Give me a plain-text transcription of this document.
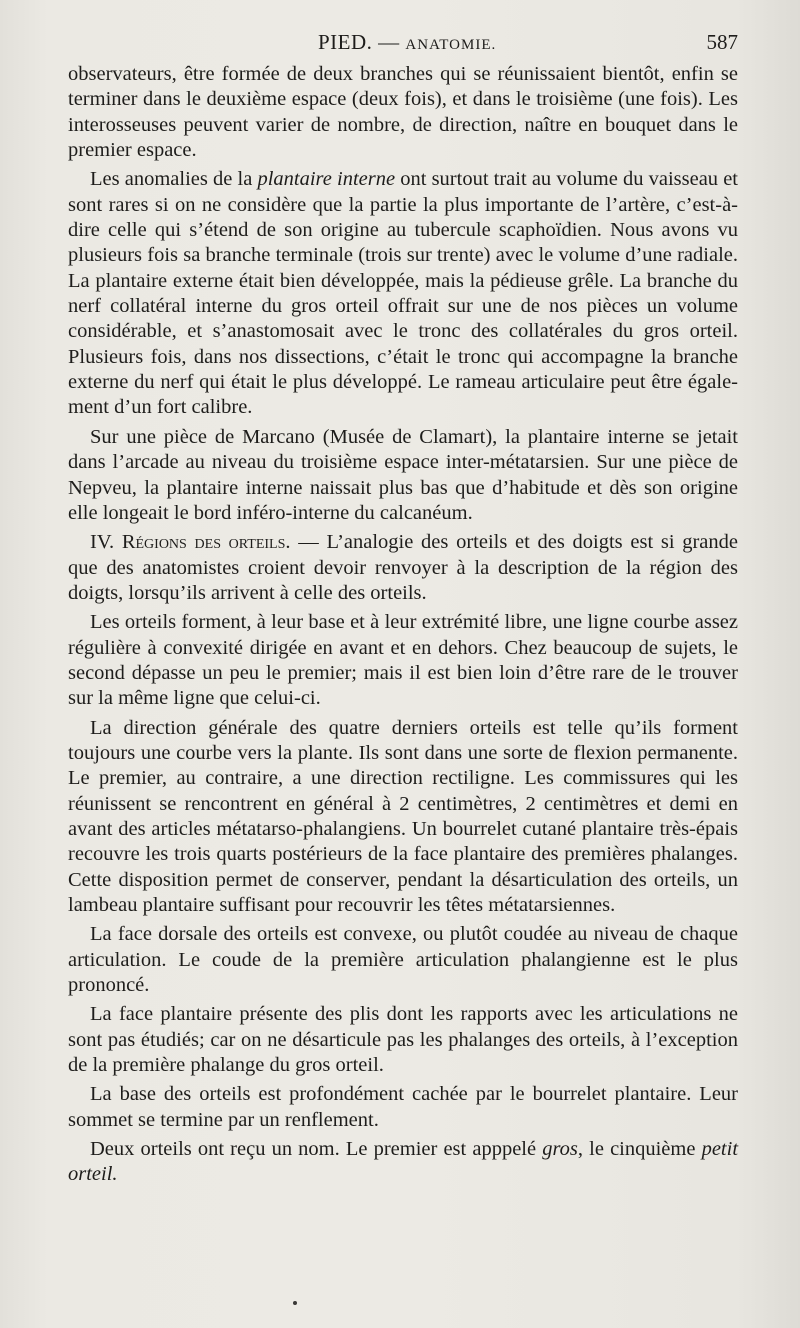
PIED. — ANATOMIE.	587

observateurs, être formée de deux branches qui se réunissaient bientôt, enfin se terminer dans le deuxième espace (deux fois), et dans le troisième (une fois). Les interosseuses peuvent varier de nombre, de direction, naître en bouquet dans le premier espace.

Les anomalies de la plantaire interne ont surtout trait au volume du vaisseau et sont rares si on ne considère que la partie la plus importante de l’artère, c’est-à-dire celle qui s’étend de son origine au tubercule scaphoïdien. Nous avons vu plusieurs fois sa branche terminale (trois sur trente) avec le volume d’une radiale. La plantaire externe était bien développée, mais la pédieuse grêle. La branche du nerf collatéral interne du gros orteil offrait sur une de nos pièces un volume considérable, et s’anastomosait avec le tronc des collatérales du gros orteil. Plusieurs fois, dans nos dissections, c’était le tronc qui accompagne la branche externe du nerf qui était le plus développé. Le rameau articulaire peut être également d’un fort calibre.

Sur une pièce de Marcano (Musée de Clamart), la plantaire interne se jetait dans l’arcade au niveau du troisième espace inter-métatarsien. Sur une pièce de Nepveu, la plantaire interne naissait plus bas que d’habitude et dès son origine elle longeait le bord inféro-interne du calcanéum.

IV. Régions des orteils. — L’analogie des orteils et des doigts est si grande que des anatomistes croient devoir renvoyer à la description de la région des doigts, lorsqu’ils arrivent à celle des orteils.

Les orteils forment, à leur base et à leur extrémité libre, une ligne courbe assez régulière à convexité dirigée en avant et en dehors. Chez beaucoup de sujets, le second dépasse un peu le premier; mais il est bien loin d’être rare de le trouver sur la même ligne que celui-ci.

La direction générale des quatre derniers orteils est telle qu’ils forment toujours une courbe vers la plante. Ils sont dans une sorte de flexion permanente. Le premier, au contraire, a une direction rectiligne. Les commissures qui les réunissent se rencontrent en général à 2 centimètres, 2 centimètres et demi en avant des articles métatarso-phalangiens. Un bourrelet cutané plantaire très-épais recouvre les trois quarts postérieurs de la face plantaire des premières phalanges. Cette disposition permet de conserver, pendant la désarticulation des orteils, un lambeau plantaire suffisant pour recouvrir les têtes métatarsiennes.

La face dorsale des orteils est convexe, ou plutôt coudée au niveau de chaque articulation. Le coude de la première articulation phalangienne est le plus prononcé.

La face plantaire présente des plis dont les rapports avec les articulations ne sont pas étudiés; car on ne désarticule pas les phalanges des orteils, à l’exception de la première phalange du gros orteil.

La base des orteils est profondément cachée par le bourrelet plantaire. Leur sommet se termine par un renflement.

Deux orteils ont reçu un nom. Le premier est apppelé gros, le cinquième petit orteil.
